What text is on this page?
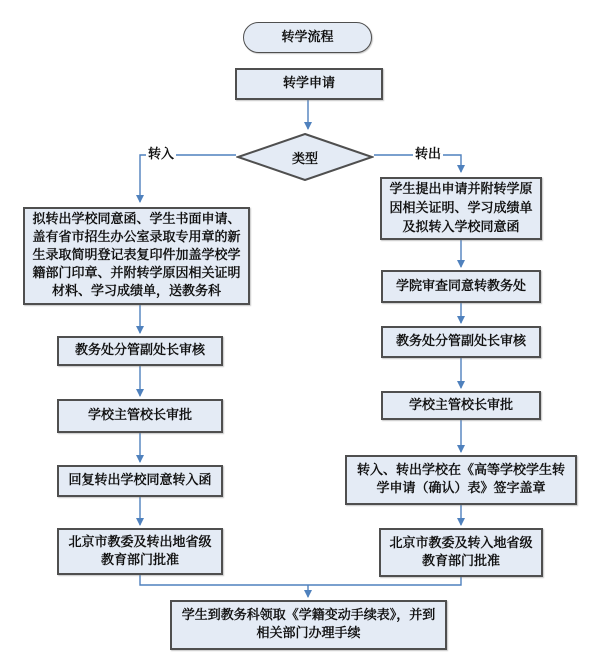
转学流程
转学申请
类型
转入	转出
拟转出学校同意函、学生书面申请、盖有省市招生办公室录取专用章的新生录取简明登记表复印件加盖学校学籍部门印章、并附转学原因相关证明材料、学习成绩单，送教务科
教务处分管副处长审核
学校主管校长审批
回复转出学校同意转入函
北京市教委及转出地省级教育部门批准
学生提出申请并附转学原因相关证明、学习成绩单及拟转入学校同意函
学院审查同意转教务处
教务处分管副处长审核
学校主管校长审批
转入、转出学校在《高等学校学生转学申请（确认）表》签字盖章
北京市教委及转入地省级教育部门批准
学生到教务科领取《学籍变动手续表》，并到相关部门办理手续
